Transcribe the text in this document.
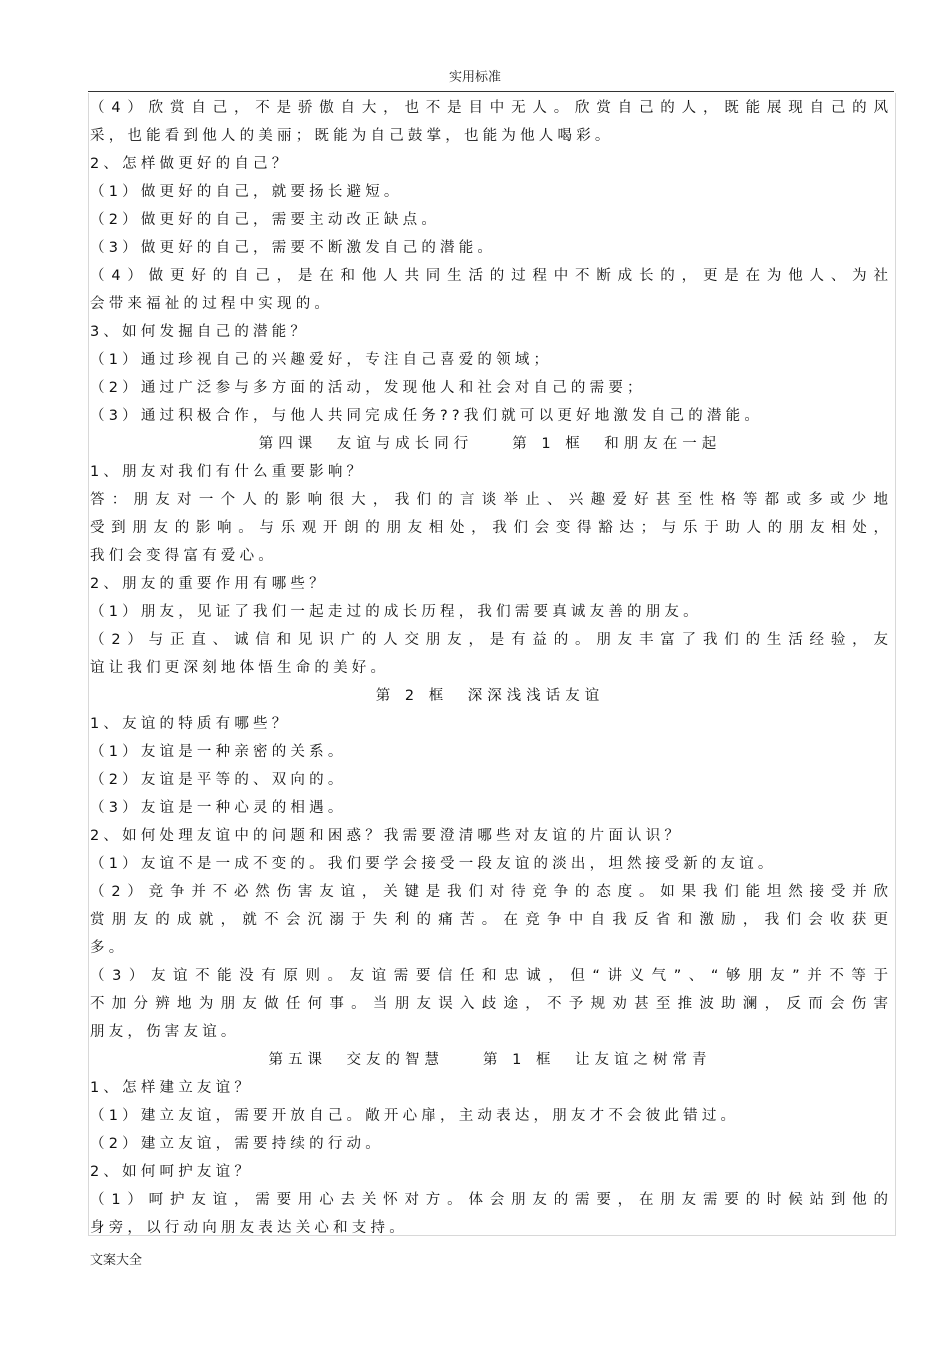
实用标准
（4）欣赏自己，不是骄傲自大，也不是目中无人。欣赏自己的人，既能展现自己的风
采，也能看到他人的美丽；既能为自己鼓掌，也能为他人喝彩。
2、怎样做更好的自己？
（1）做更好的自己，就要扬长避短。
（2）做更好的自己，需要主动改正缺点。
（3）做更好的自己，需要不断激发自己的潜能。
（4）做更好的自己，是在和他人共同生活的过程中不断成长的，更是在为他人、为社
会带来福祉的过程中实现的。
3、如何发掘自己的潜能？
（1）通过珍视自己的兴趣爱好，专注自己喜爱的领域；
（2）通过广泛参与多方面的活动，发现他人和社会对自己的需要；
（3）通过积极合作，与他人共同完成任务??我们就可以更好地激发自己的潜能。
第四课　友谊与成长同行　　第 1 框　和朋友在一起
1、朋友对我们有什么重要影响？
答：朋友对一个人的影响很大，我们的言谈举止、兴趣爱好甚至性格等都或多或少地
受到朋友的影响。与乐观开朗的朋友相处，我们会变得豁达；与乐于助人的朋友相处，
我们会变得富有爱心。
2、朋友的重要作用有哪些？
（1）朋友，见证了我们一起走过的成长历程，我们需要真诚友善的朋友。
（2）与正直、诚信和见识广的人交朋友，是有益的。朋友丰富了我们的生活经验，友
谊让我们更深刻地体悟生命的美好。
第 2 框　深深浅浅话友谊
1、友谊的特质有哪些？
（1）友谊是一种亲密的关系。
（2）友谊是平等的、双向的。
（3）友谊是一种心灵的相遇。
2、如何处理友谊中的问题和困惑？我需要澄清哪些对友谊的片面认识？
（1）友谊不是一成不变的。我们要学会接受一段友谊的淡出，坦然接受新的友谊。
（2）竞争并不必然伤害友谊，关键是我们对待竞争的态度。如果我们能坦然接受并欣
赏朋友的成就，就不会沉溺于失利的痛苦。在竞争中自我反省和激励，我们会收获更
多。
（3）友谊不能没有原则。友谊需要信任和忠诚，但“讲义气”、“够朋友”并不等于
不加分辨地为朋友做任何事。当朋友误入歧途，不予规劝甚至推波助澜，反而会伤害
朋友，伤害友谊。
第五课　交友的智慧　　第 1 框　让友谊之树常青
1、怎样建立友谊？
（1）建立友谊，需要开放自己。敞开心扉，主动表达，朋友才不会彼此错过。
（2）建立友谊，需要持续的行动。
2、如何呵护友谊？
（1）呵护友谊，需要用心去关怀对方。体会朋友的需要，在朋友需要的时候站到他的
身旁，以行动向朋友表达关心和支持。
文案大全
